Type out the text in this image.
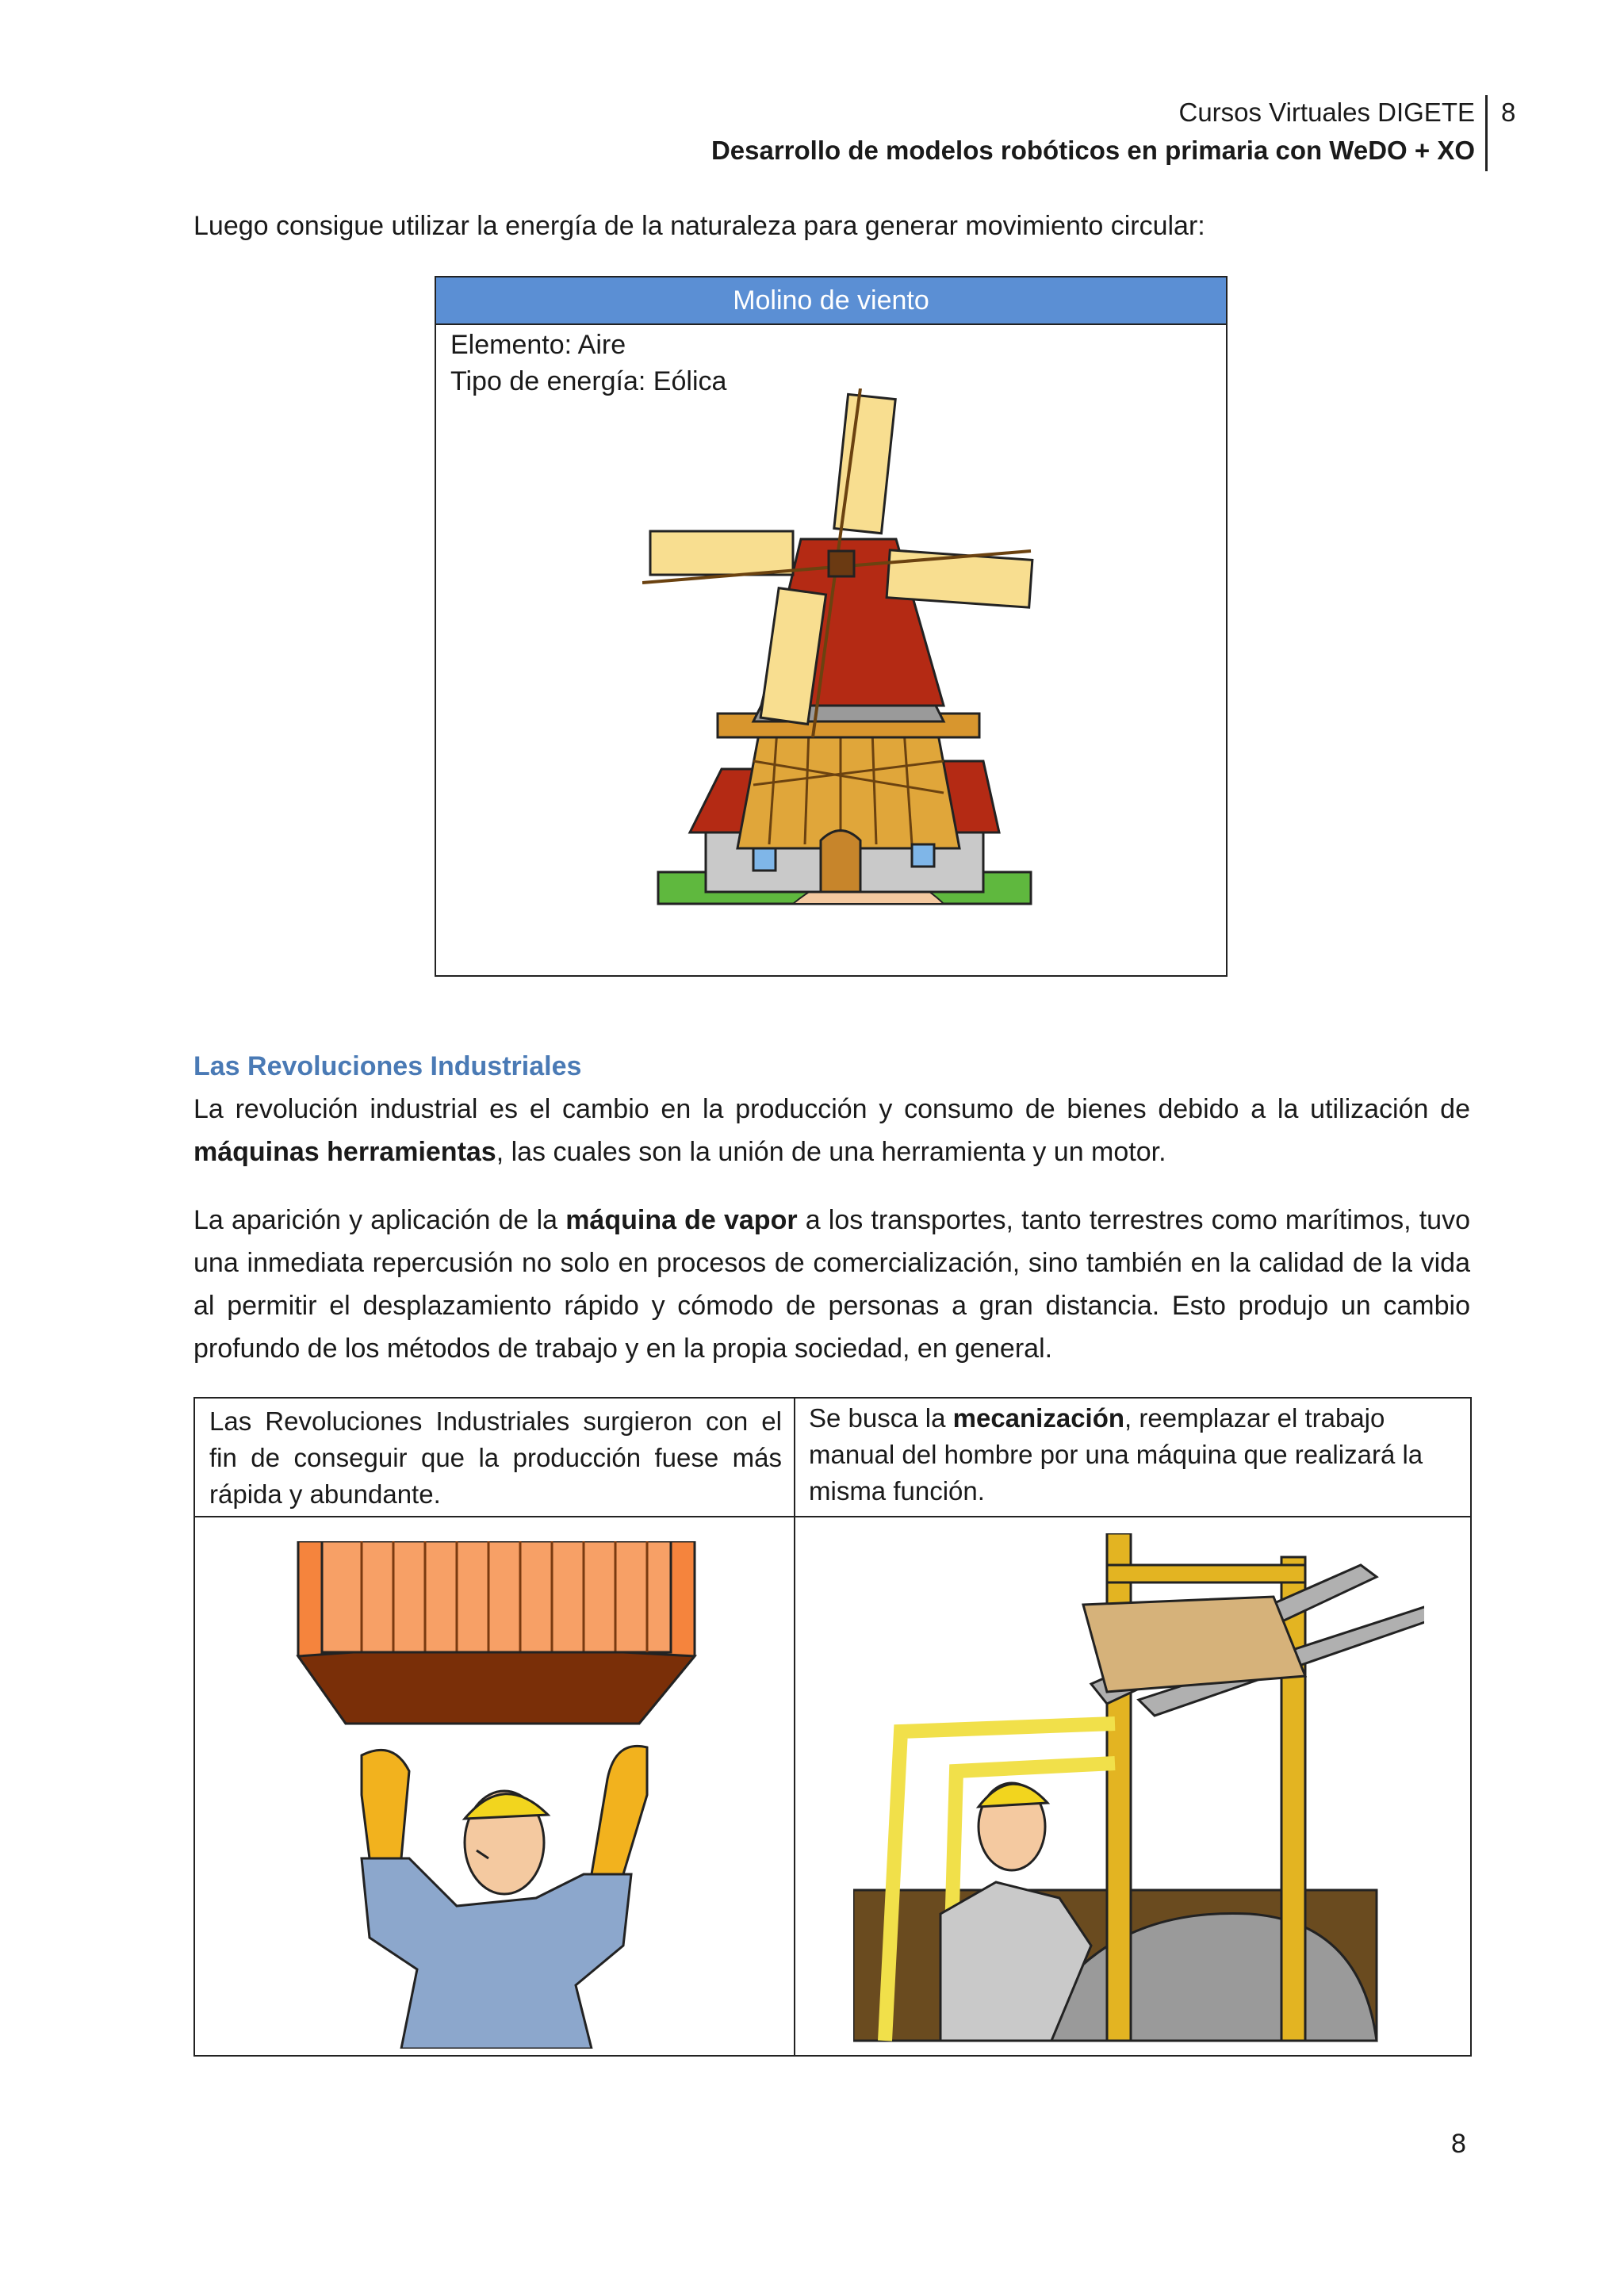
Cursos Virtuales DIGETE
Desarrollo de modelos robóticos en primaria con WeDO + XO
8
Luego consigue utilizar la energía de la naturaleza para generar movimiento circular:
Molino de viento
Elemento: Aire
Tipo de energía: Eólica
Las Revoluciones Industriales
La revolución industrial es el cambio en la producción y consumo de bienes debido a la utilización de máquinas herramientas, las cuales son la unión de una herramienta y un motor.
La aparición y aplicación de la máquina de vapor a los transportes, tanto terrestres como marítimos, tuvo una inmediata repercusión no solo en procesos de comercialización, sino también en la calidad de la vida al permitir el desplazamiento rápido y cómodo de personas a gran distancia. Esto produjo un cambio profundo de los métodos de trabajo y en la propia sociedad, en general.
Las Revoluciones Industriales surgieron con el fin de conseguir que la producción fuese más rápida y abundante.
Se busca la mecanización, reemplazar el trabajo manual del hombre por una máquina que realizará la misma función.
8
